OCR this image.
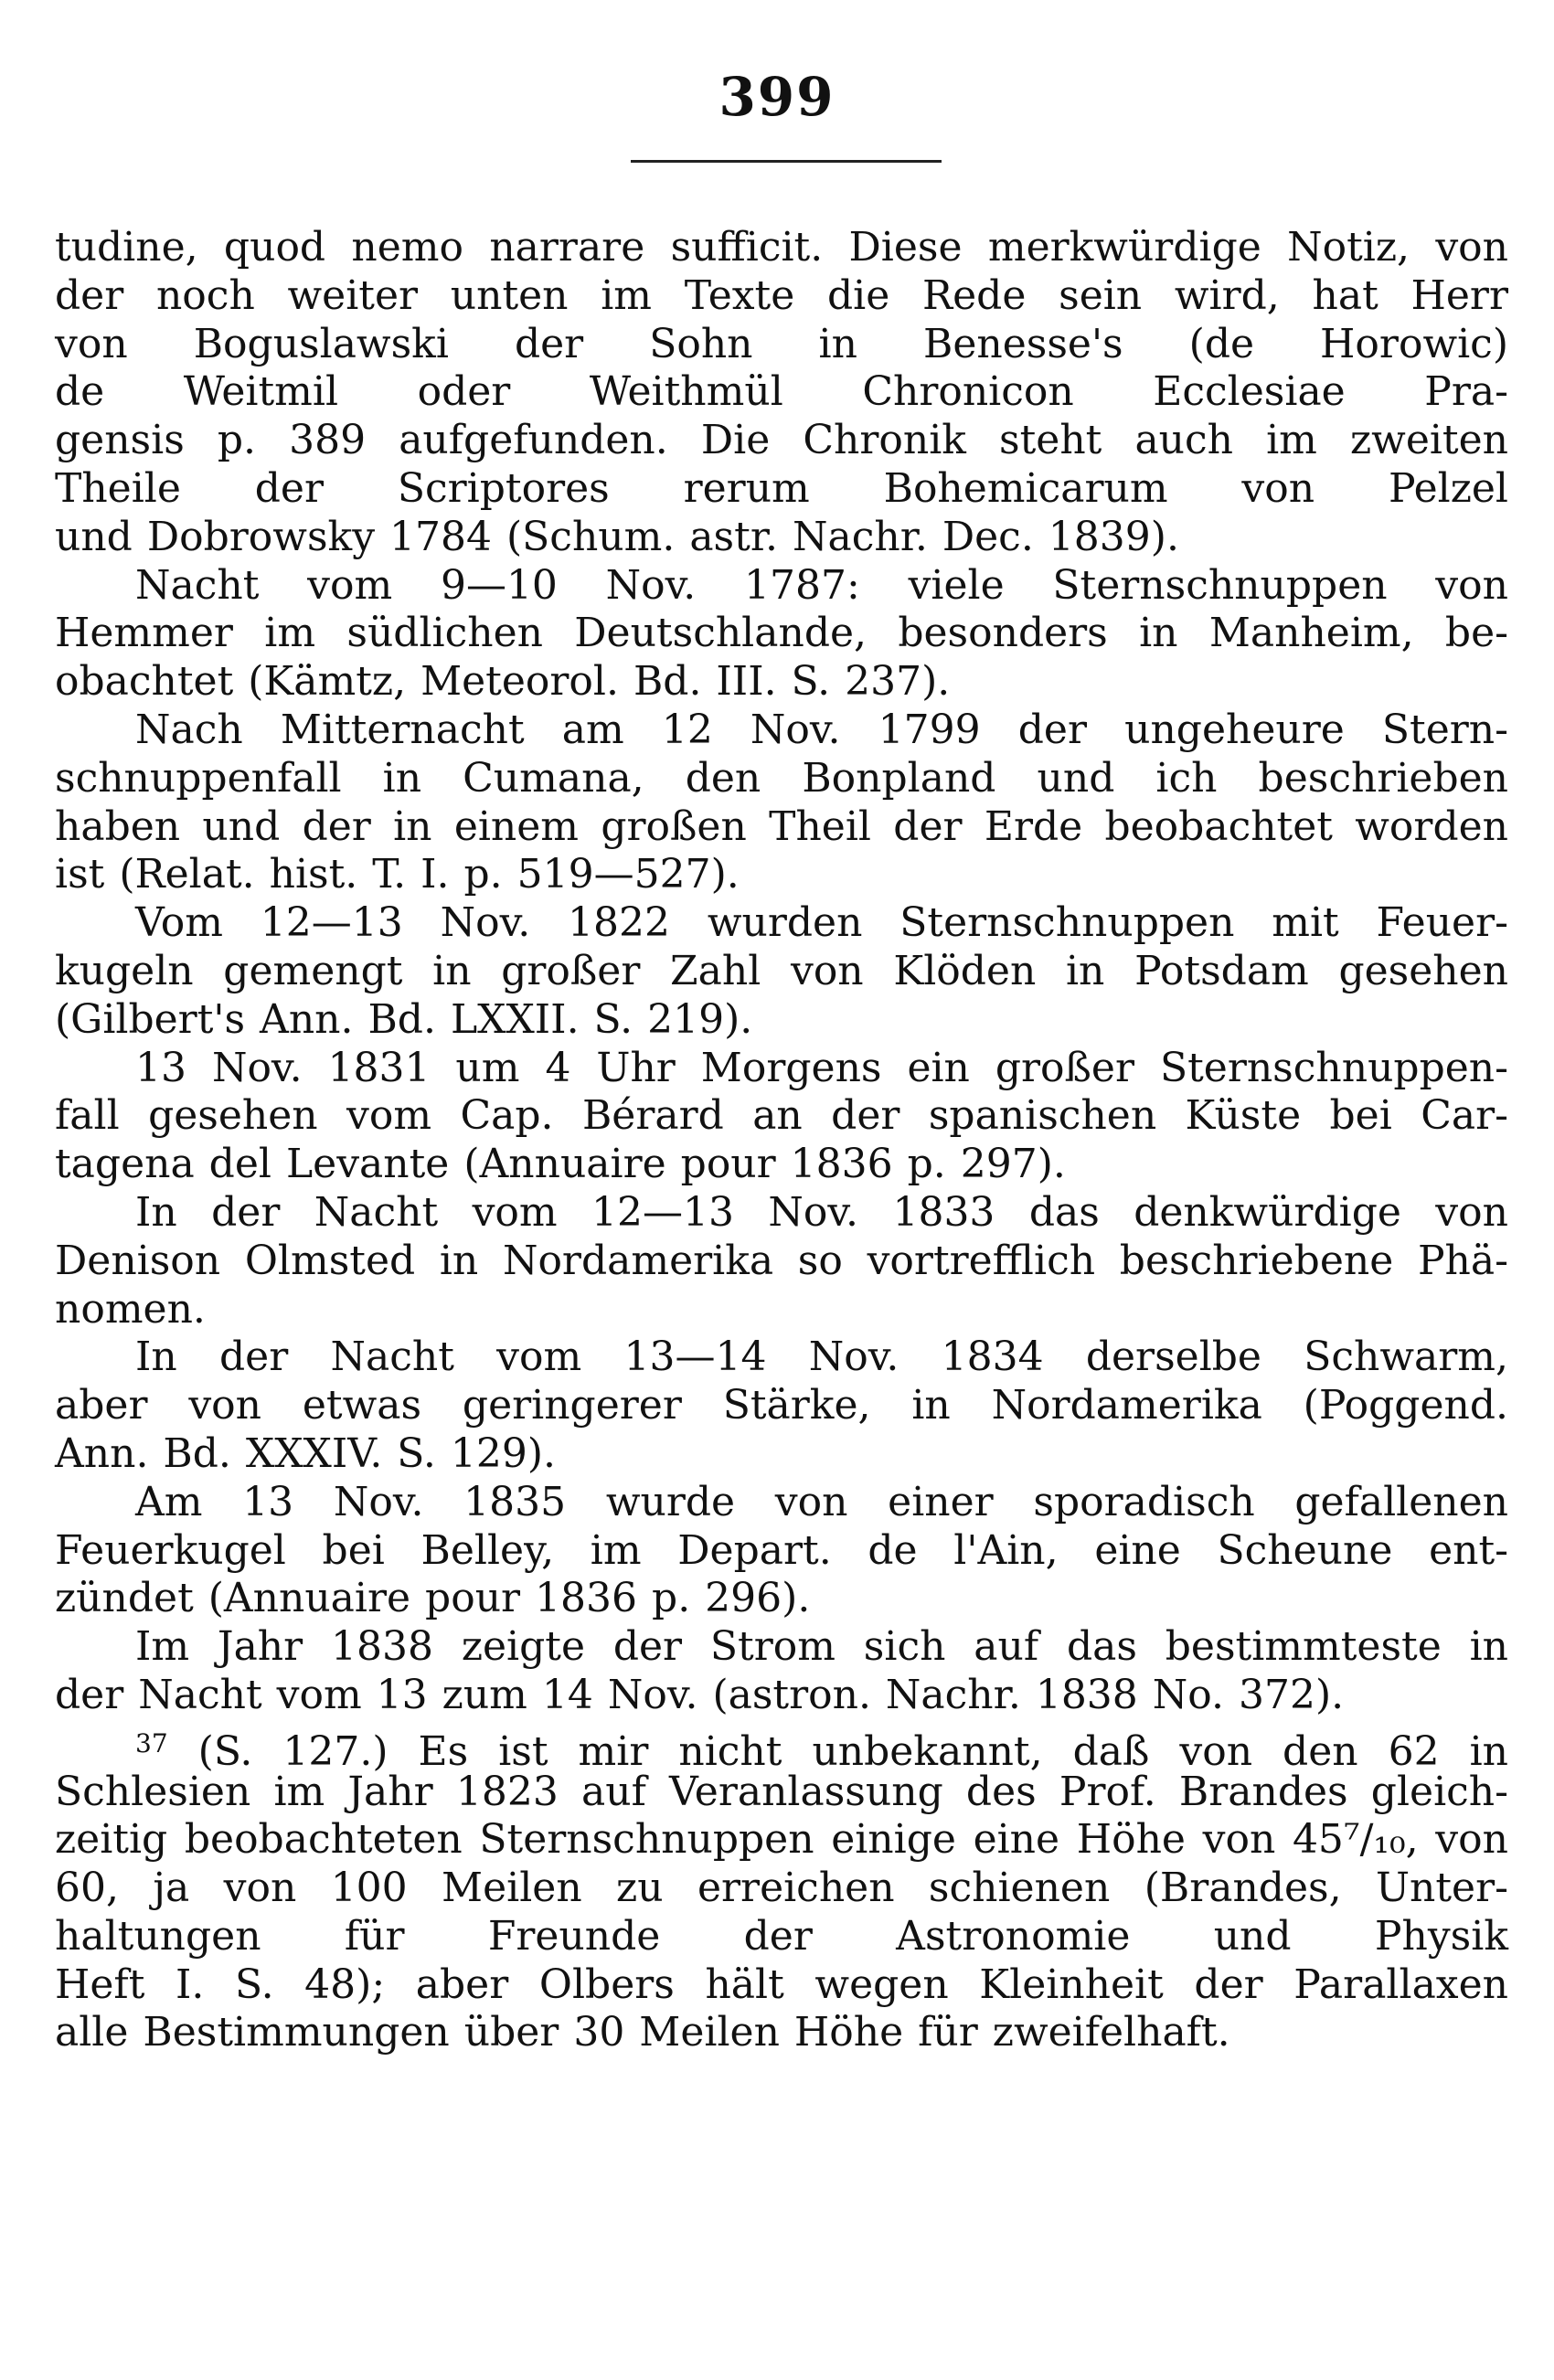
399
tudine, quod nemo narrare sufficit. Diese merkwürdige Notiz, von
der noch weiter unten im Texte die Rede sein wird, hat Herr
von Boguslawski der Sohn in Benesse's (de Horowic)
de Weitmil oder Weithmül Chronicon Ecclesiae Pra-
gensis p. 389 aufgefunden. Die Chronik steht auch im zweiten
Theile der Scriptores rerum Bohemicarum von Pelzel
und Dobrowsky 1784 (Schum. astr. Nachr. Dec. 1839).
Nacht vom 9—10 Nov. 1787: viele Sternschnuppen von
Hemmer im südlichen Deutschlande, besonders in Manheim, be-
obachtet (Kämtz, Meteorol. Bd. III. S. 237).
Nach Mitternacht am 12 Nov. 1799 der ungeheure Stern-
schnuppenfall in Cumana, den Bonpland und ich beschrieben
haben und der in einem großen Theil der Erde beobachtet worden
ist (Relat. hist. T. I. p. 519—527).
Vom 12—13 Nov. 1822 wurden Sternschnuppen mit Feuer-
kugeln gemengt in großer Zahl von Klöden in Potsdam gesehen
(Gilbert's Ann. Bd. LXXII. S. 219).
13 Nov. 1831 um 4 Uhr Morgens ein großer Sternschnuppen-
fall gesehen vom Cap. Bérard an der spanischen Küste bei Car-
tagena del Levante (Annuaire pour 1836 p. 297).
In der Nacht vom 12—13 Nov. 1833 das denkwürdige von
Denison Olmsted in Nordamerika so vortrefflich beschriebene Phä-
nomen.
In der Nacht vom 13—14 Nov. 1834 derselbe Schwarm,
aber von etwas geringerer Stärke, in Nordamerika (Poggend.
Ann. Bd. XXXIV. S. 129).
Am 13 Nov. 1835 wurde von einer sporadisch gefallenen
Feuerkugel bei Belley, im Depart. de l'Ain, eine Scheune ent-
zündet (Annuaire pour 1836 p. 296).
Im Jahr 1838 zeigte der Strom sich auf das bestimmteste in
der Nacht vom 13 zum 14 Nov. (astron. Nachr. 1838 No. 372).
$^{37}$ (S. 127.) Es ist mir nicht unbekannt, daß von den 62 in
Schlesien im Jahr 1823 auf Veranlassung des Prof. Brandes gleich-
zeitig beobachteten Sternschnuppen einige eine Höhe von 45⁷/₁₀, von
60, ja von 100 Meilen zu erreichen schienen (Brandes, Unter-
haltungen für Freunde der Astronomie und Physik
Heft I. S. 48); aber Olbers hält wegen Kleinheit der Parallaxen
alle Bestimmungen über 30 Meilen Höhe für zweifelhaft.
